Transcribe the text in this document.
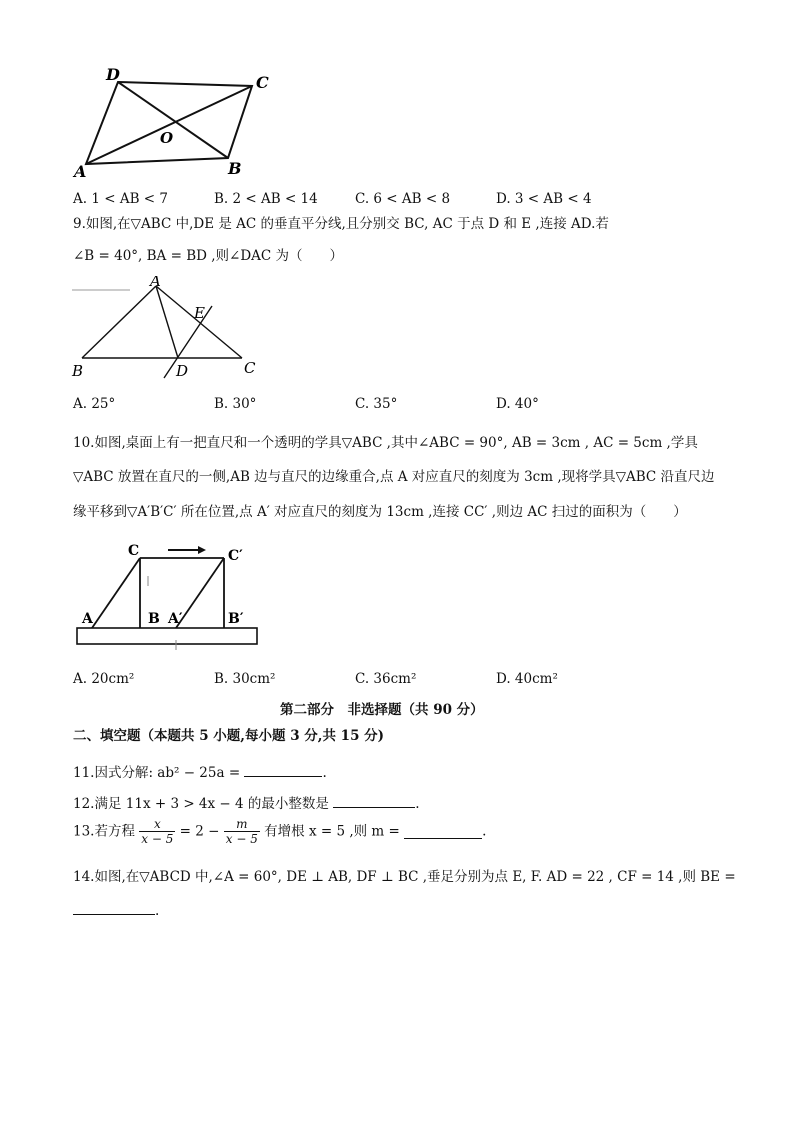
D	C
O
A	B
A. 1 < AB < 7	B. 2 < AB < 14	C. 6 < AB < 8	D. 3 < AB < 4
9.如图,在▽ABC 中,DE 是 AC 的垂直平分线,且分别交 BC, AC 于点 D 和 E ,连接 AD.若
∠B = 40°, BA = BD ,则∠DAC 为（　　）
A
E
B	D	C
A. 25°	B. 30°	C. 35°	D. 40°
10.如图,桌面上有一把直尺和一个透明的学具▽ABC ,其中∠ABC = 90°, AB = 3cm , AC = 5cm ,学具
▽ABC 放置在直尺的一侧,AB 边与直尺的边缘重合,点 A 对应直尺的刻度为 3cm ,现将学具▽ABC 沿直尺边
缘平移到▽A′B′C′ 所在位置,点 A′ 对应直尺的刻度为 13cm ,连接 CC′ ,则边 AC 扫过的面积为（　　）
C	C′
A	B A′	B′
A. 20cm²	B. 30cm²	C. 36cm²	D. 40cm²
第二部分　非选择题（共 90 分）
二、填空题（本题共 5 小题,每小题 3 分,共 15 分)
11.因式分解: ab² − 25a =	.
12.满足 11x + 3 > 4x − 4 的最小整数是	.
13.若方程 $\frac{x}{x - 5} = 2 - \frac{m}{x - 5}$ 有增根 x = 5 ,则 m =	.
14.如图,在▽ABCD 中,∠A = 60°, DE ⊥ AB, DF ⊥ BC ,垂足分别为点 E, F. AD = 22 , CF = 14 ,则 BE =
.
